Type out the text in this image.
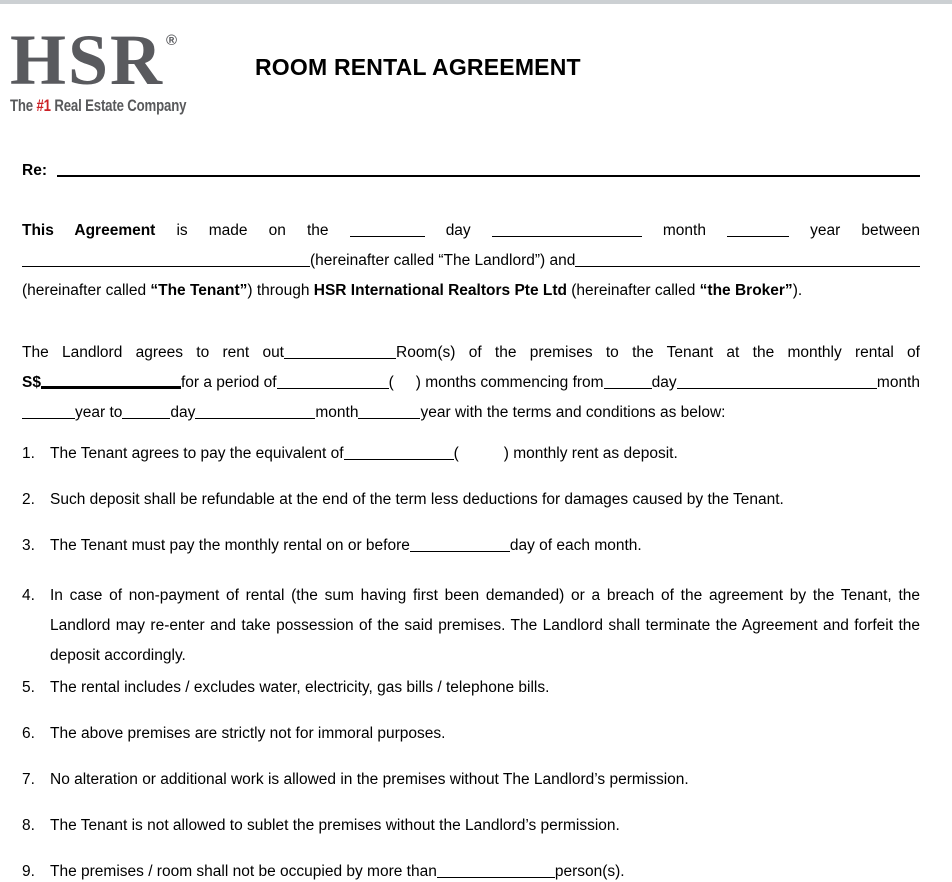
HSR ®
The #1 Real Estate Company
ROOM RENTAL AGREEMENT
Re:
This Agreement is made on the	day	month	year between
(hereinafter called “The Landlord”) and
(hereinafter called “The Tenant”) through HSR International Realtors Pte Ltd (hereinafter called “the Broker”).
The Landlord agrees to rent out	Room(s) of the premises to the Tenant at the monthly rental of
S$	for a period of	( ) months commencing from	day	month
year to	day	month	year with the terms and conditions as below:
1. The Tenant agrees to pay the equivalent of	(	) monthly rent as deposit.
2. Such deposit shall be refundable at the end of the term less deductions for damages caused by the Tenant.
3. The Tenant must pay the monthly rental on or before	day of each month.
4. In case of non-payment of rental (the sum having first been demanded) or a breach of the agreement by the Tenant, the Landlord may re-enter and take possession of the said premises. The Landlord shall terminate the Agreement and forfeit the deposit accordingly.
5. The rental includes / excludes water, electricity, gas bills / telephone bills.
6. The above premises are strictly not for immoral purposes.
7. No alteration or additional work is allowed in the premises without The Landlord’s permission.
8. The Tenant is not allowed to sublet the premises without the Landlord’s permission.
9. The premises / room shall not be occupied by more than	person(s).
